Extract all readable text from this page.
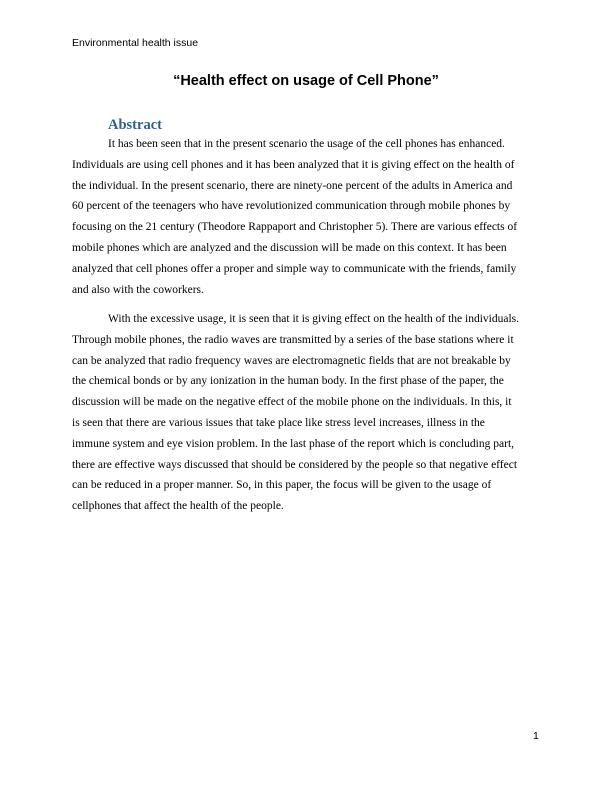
Environmental health issue
“Health effect on usage of Cell Phone”
Abstract
It has been seen that in the present scenario the usage of the cell phones has enhanced.
Individuals are using cell phones and it has been analyzed that it is giving effect on the health of
the individual. In the present scenario, there are ninety-one percent of the adults in America and
60 percent of the teenagers who have revolutionized communication through mobile phones by
focusing on the 21 century (Theodore Rappaport and Christopher 5). There are various effects of
mobile phones which are analyzed and the discussion will be made on this context. It has been
analyzed that cell phones offer a proper and simple way to communicate with the friends, family
and also with the coworkers.
With the excessive usage, it is seen that it is giving effect on the health of the individuals.
Through mobile phones, the radio waves are transmitted by a series of the base stations where it
can be analyzed that radio frequency waves are electromagnetic fields that are not breakable by
the chemical bonds or by any ionization in the human body. In the first phase of the paper, the
discussion will be made on the negative effect of the mobile phone on the individuals. In this, it
is seen that there are various issues that take place like stress level increases, illness in the
immune system and eye vision problem. In the last phase of the report which is concluding part,
there are effective ways discussed that should be considered by the people so that negative effect
can be reduced in a proper manner. So, in this paper, the focus will be given to the usage of
cellphones that affect the health of the people.
1
